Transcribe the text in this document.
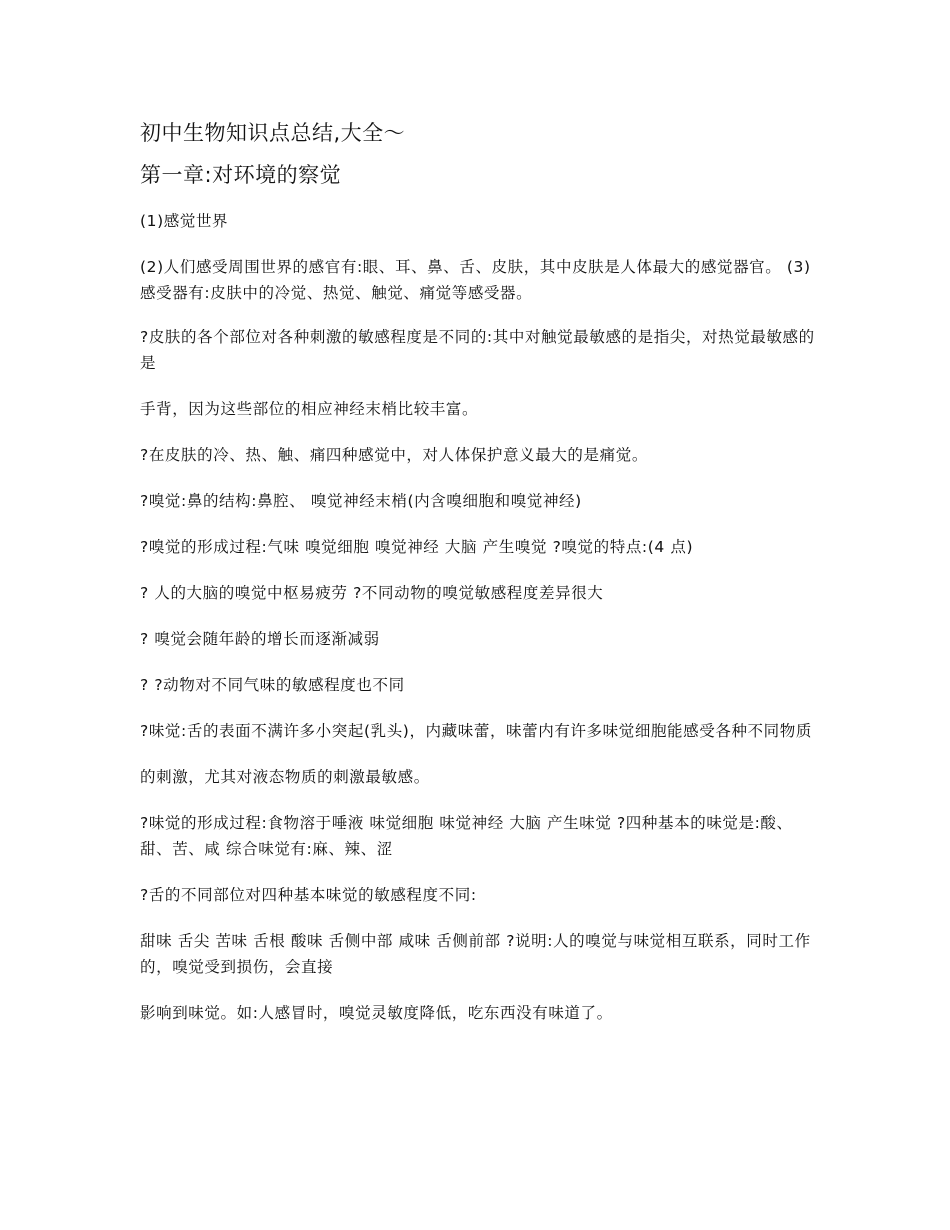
初中生物知识点总结,大全～
第一章:对环境的察觉

(1)感觉世界

(2)人们感受周围世界的感官有:眼、耳、鼻、舌、皮肤，其中皮肤是人体最大的感觉器官。 (3)感受器有:皮肤中的冷觉、热觉、触觉、痛觉等感受器。

?皮肤的各个部位对各种刺激的敏感程度是不同的:其中对触觉最敏感的是指尖，对热觉最敏感的是

手背，因为这些部位的相应神经末梢比较丰富。

?在皮肤的冷、热、触、痛四种感觉中，对人体保护意义最大的是痛觉。

?嗅觉:鼻的结构:鼻腔、 嗅觉神经末梢(内含嗅细胞和嗅觉神经)

?嗅觉的形成过程:气味 嗅觉细胞 嗅觉神经 大脑 产生嗅觉 ?嗅觉的特点:(4 点)

? 人的大脑的嗅觉中枢易疲劳 ?不同动物的嗅觉敏感程度差异很大

? 嗅觉会随年龄的增长而逐渐减弱

? ?动物对不同气味的敏感程度也不同

?味觉:舌的表面不满许多小突起(乳头)，内藏味蕾，味蕾内有许多味觉细胞能感受各种不同物质

的刺激，尤其对液态物质的刺激最敏感。

?味觉的形成过程:食物溶于唾液 味觉细胞 味觉神经 大脑 产生味觉 ?四种基本的味觉是:酸、甜、苦、咸 综合味觉有:麻、辣、涩

?舌的不同部位对四种基本味觉的敏感程度不同:

甜味 舌尖 苦味 舌根 酸味 舌侧中部 咸味 舌侧前部 ?说明:人的嗅觉与味觉相互联系，同时工作的，嗅觉受到损伤，会直接

影响到味觉。如:人感冒时，嗅觉灵敏度降低，吃东西没有味道了。
